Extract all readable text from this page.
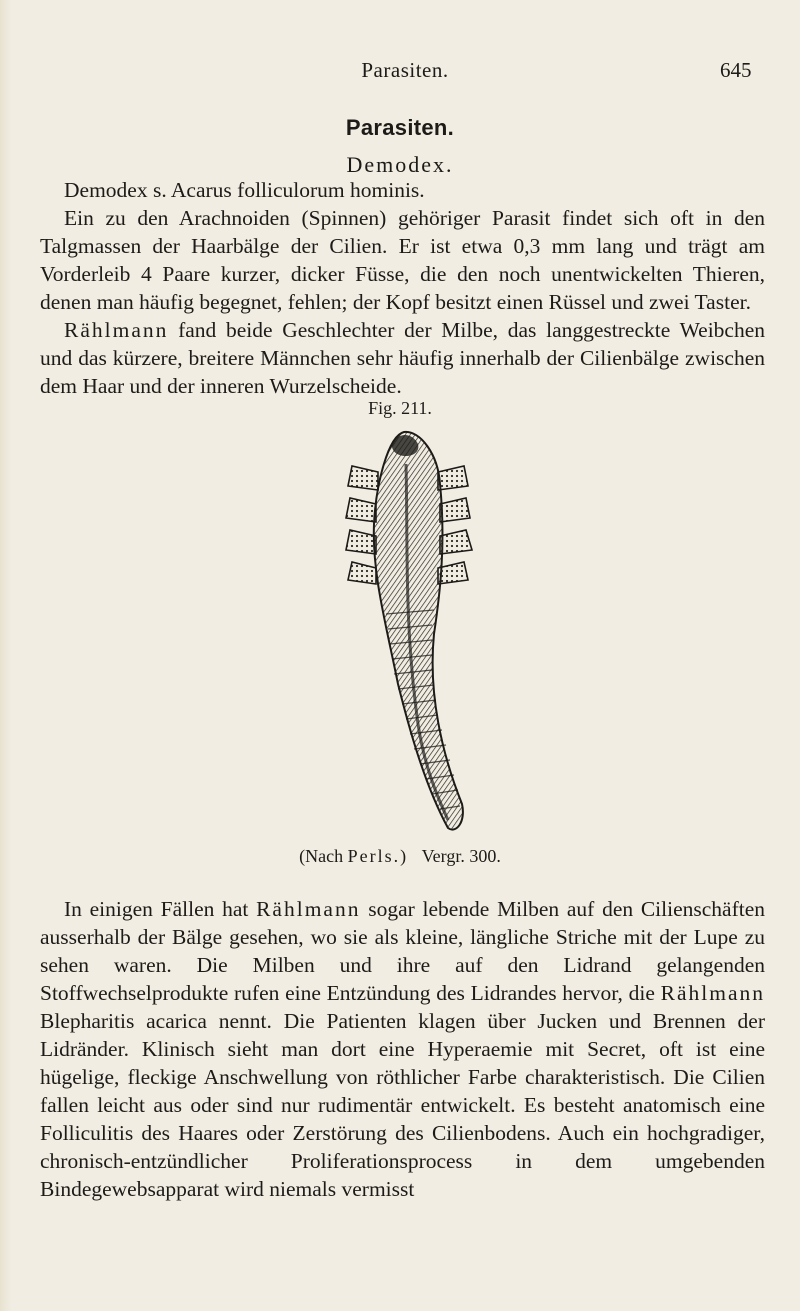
Parasiten.	645
Parasiten.
Demodex.

Demodex s. Acarus folliculorum hominis.

Ein zu den Arachnoiden (Spinnen) gehöriger Parasit findet sich oft in den Talgmassen der Haarbälge der Cilien. Er ist etwa 0,3 mm lang und trägt am Vorderleib 4 Paare kurzer, dicker Füsse, die den noch unentwickelten Thieren, denen man häufig begegnet, fehlen; der Kopf besitzt einen Rüssel und zwei Taster.

Rählmann fand beide Geschlechter der Milbe, das langgestreckte Weibchen und das kürzere, breitere Männchen sehr häufig innerhalb der Cilienbälge zwischen dem Haar und der inneren Wurzelscheide.

Fig. 211.
(Nach Perls.) Vergr. 300.

In einigen Fällen hat Rählmann sogar lebende Milben auf den Cilienschäften ausserhalb der Bälge gesehen, wo sie als kleine, längliche Striche mit der Lupe zu sehen waren. Die Milben und ihre auf den Lidrand gelangenden Stoffwechselprodukte rufen eine Entzündung des Lidrandes hervor, die Rählmann Blepharitis acarica nennt. Die Patienten klagen über Jucken und Brennen der Lidränder. Klinisch sieht man dort eine Hyperaemie mit Secret, oft ist eine hügelige, fleckige Anschwellung von röthlicher Farbe charakteristisch. Die Cilien fallen leicht aus oder sind nur rudimentär entwickelt. Es besteht anatomisch eine Folliculitis des Haares oder Zerstörung des Cilienbodens. Auch ein hochgradiger, chronisch-entzündlicher Proliferationsprocess in dem umgebenden Bindegewebsapparat wird niemals vermisst
